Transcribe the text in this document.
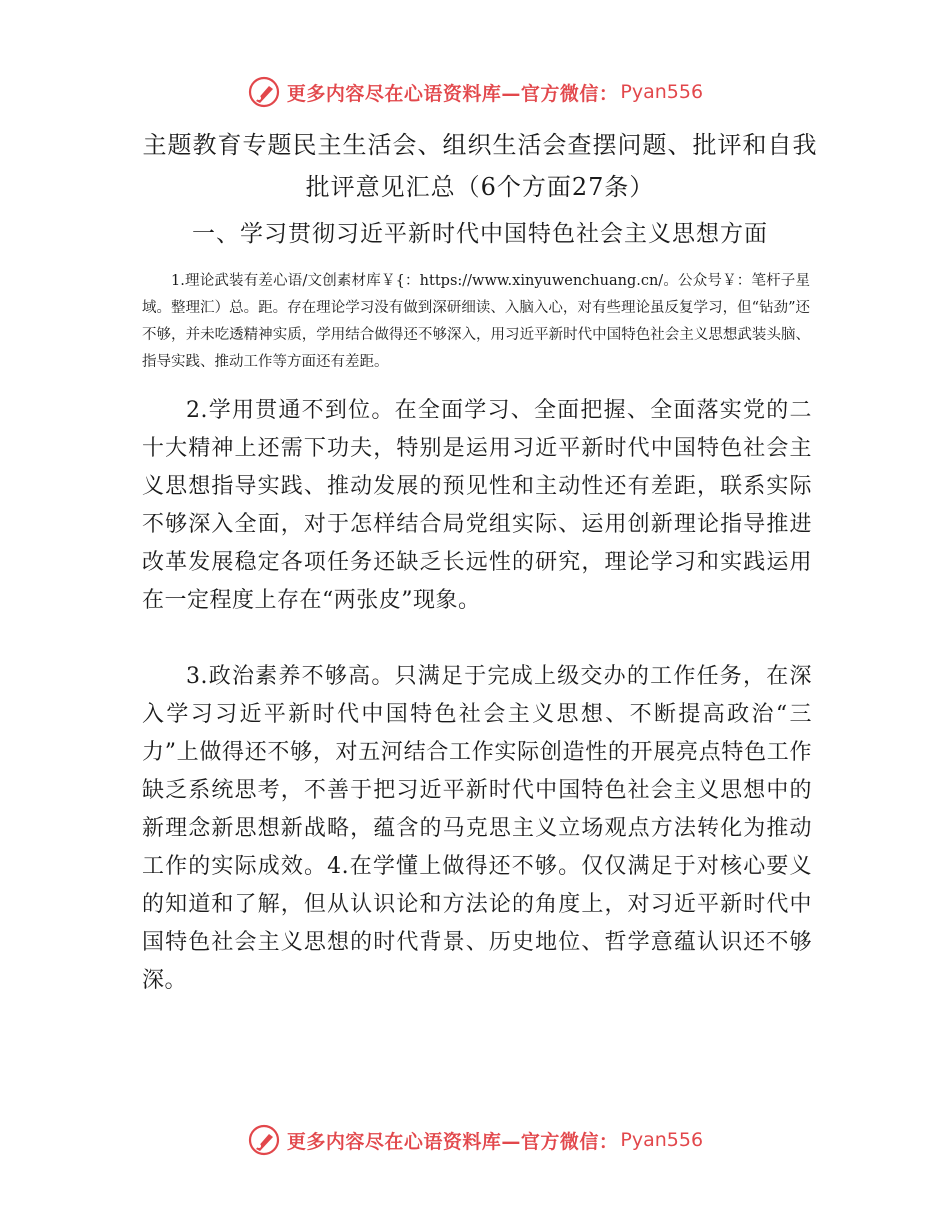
更多内容尽在心语资料库—官方微信： Pyan556
主题教育专题民主生活会、组织生活会查摆问题、批评和自我批评意见汇总（6个方面27条）
一、学习贯彻习近平新时代中国特色社会主义思想方面
1.理论武装有差心语/文创素材库￥{：https://www.xinyuwenchuang.cn/。公众号￥：笔杆子星域。整理汇）总。距。存在理论学习没有做到深研细读、入脑入心，对有些理论虽反复学习，但“钻劲”还不够，并未吃透精神实质，学用结合做得还不够深入，用习近平新时代中国特色社会主义思想武装头脑、指导实践、推动工作等方面还有差距。
2.学用贯通不到位。在全面学习、全面把握、全面落实党的二十大精神上还需下功夫，特别是运用习近平新时代中国特色社会主义思想指导实践、推动发展的预见性和主动性还有差距，联系实际不够深入全面，对于怎样结合局党组实际、运用创新理论指导推进改革发展稳定各项任务还缺乏长远性的研究，理论学习和实践运用在一定程度上存在“两张皮”现象。
3.政治素养不够高。只满足于完成上级交办的工作任务，在深入学习习近平新时代中国特色社会主义思想、不断提高政治“三力”上做得还不够，对五河结合工作实际创造性的开展亮点特色工作缺乏系统思考，不善于把习近平新时代中国特色社会主义思想中的新理念新思想新战略，蕴含的马克思主义立场观点方法转化为推动工作的实际成效。4.在学懂上做得还不够。仅仅满足于对核心要义的知道和了解，但从认识论和方法论的角度上，对习近平新时代中国特色社会主义思想的时代背景、历史地位、哲学意蕴认识还不够深。
更多内容尽在心语资料库—官方微信： Pyan556
